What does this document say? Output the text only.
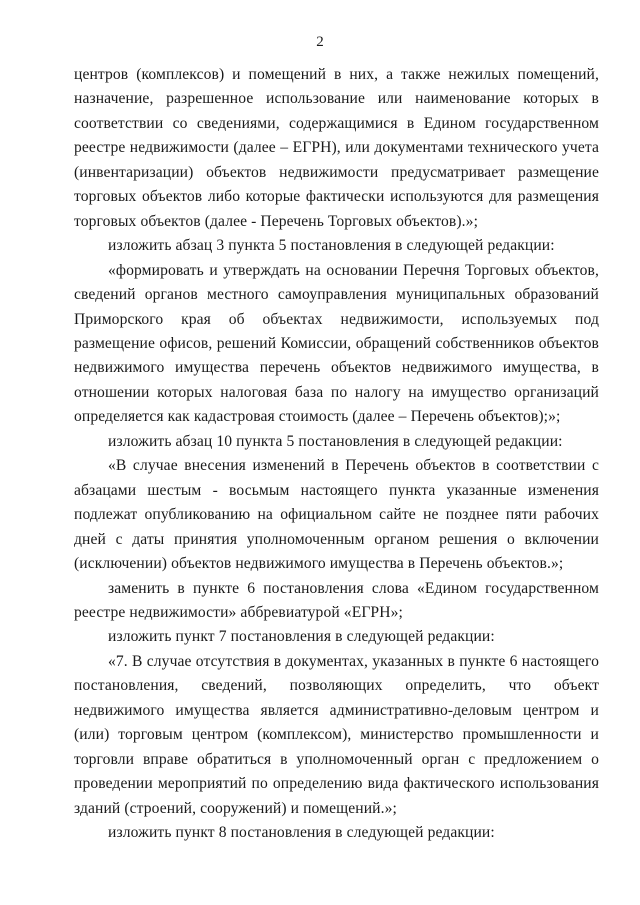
2

центров (комплексов) и помещений в них, а также нежилых помещений, назначение, разрешенное использование или наименование которых в соответствии со сведениями, содержащимися в Едином государственном реестре недвижимости (далее – ЕГРН), или документами технического учета (инвентаризации) объектов недвижимости предусматривает размещение торговых объектов либо которые фактически используются для размещения торговых объектов (далее - Перечень Торговых объектов).»;

изложить абзац 3 пункта 5 постановления в следующей редакции:

«формировать и утверждать на основании Перечня Торговых объектов, сведений органов местного самоуправления муниципальных образований Приморского края об объектах недвижимости, используемых под размещение офисов, решений Комиссии, обращений собственников объектов недвижимого имущества перечень объектов недвижимого имущества, в отношении которых налоговая база по налогу на имущество организаций определяется как кадастровая стоимость (далее – Перечень объектов);»;

изложить абзац 10 пункта 5 постановления в следующей редакции:

«В случае внесения изменений в Перечень объектов в соответствии с абзацами шестым - восьмым настоящего пункта указанные изменения подлежат опубликованию на официальном сайте не позднее пяти рабочих дней с даты принятия уполномоченным органом решения о включении (исключении) объектов недвижимого имущества в Перечень объектов.»;

заменить в пункте 6 постановления слова «Едином государственном реестре недвижимости» аббревиатурой «ЕГРН»;

изложить пункт 7 постановления в следующей редакции:

«7. В случае отсутствия в документах, указанных в пункте 6 настоящего постановления, сведений, позволяющих определить, что объект недвижимого имущества является административно-деловым центром и (или) торговым центром (комплексом), министерство промышленности и торговли вправе обратиться в уполномоченный орган с предложением о проведении мероприятий по определению вида фактического использования зданий (строений, сооружений) и помещений.»;

изложить пункт 8 постановления в следующей редакции:
